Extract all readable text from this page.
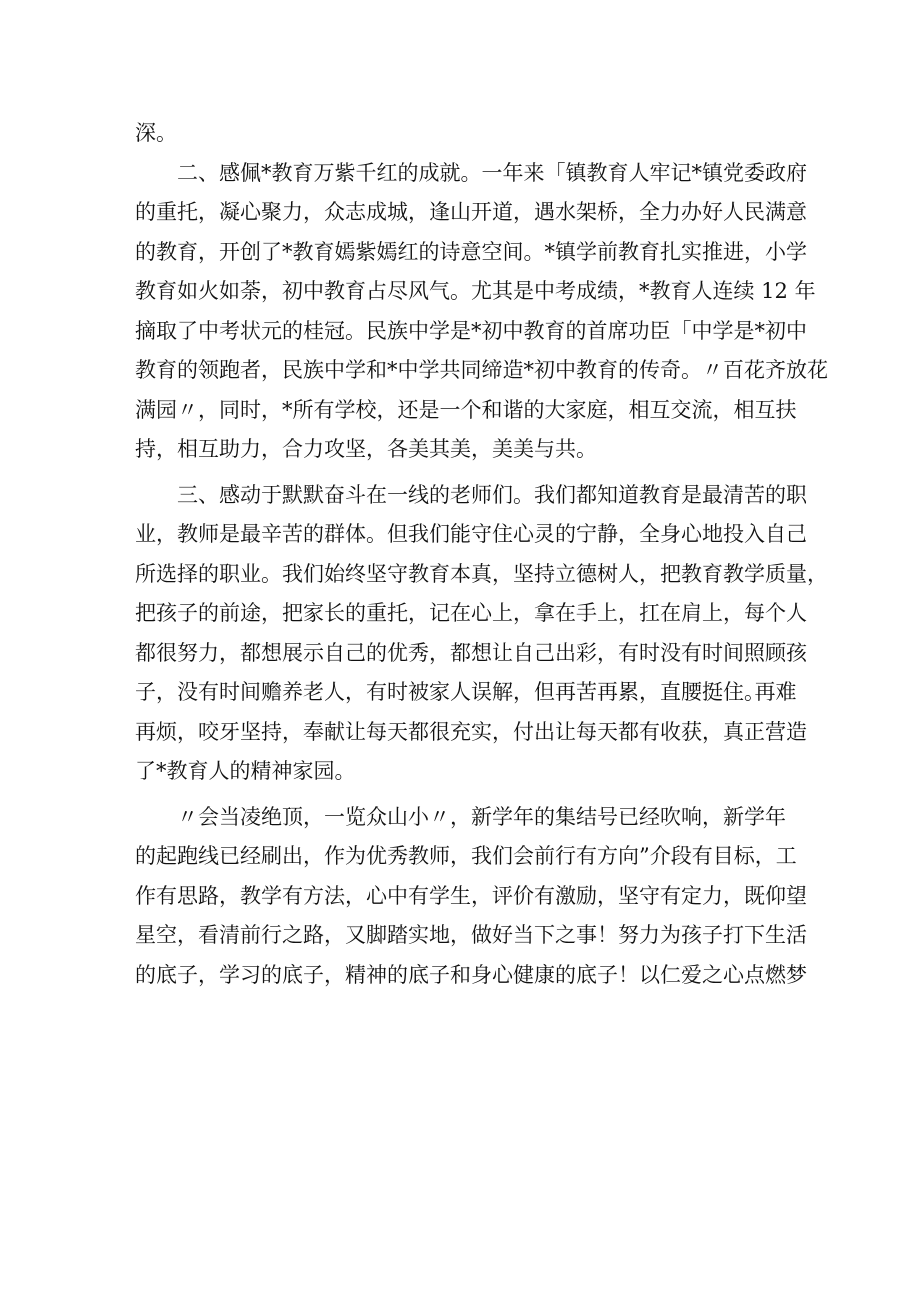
深。
二、感佩*教育万紫千红的成就。一年来「镇教育人牢记*镇党委政府
的重托，凝心聚力，众志成城，逢山开道，遇水架桥，全力办好人民满意
的教育，开创了*教育嫣紫嫣红的诗意空间。*镇学前教育扎实推进，小学
教育如火如荼，初中教育占尽风气。尤其是中考成绩，*教育人连续 12 年
摘取了中考状元的桂冠。民族中学是*初中教育的首席功臣「中学是*初中
教育的领跑者，民族中学和*中学共同缔造*初中教育的传奇。〃百花齐放花
满园〃，同时，*所有学校，还是一个和谐的大家庭，相互交流，相互扶
持，相互助力，合力攻坚，各美其美，美美与共。
三、感动于默默奋斗在一线的老师们。我们都知道教育是最清苦的职
业，教师是最辛苦的群体。但我们能守住心灵的宁静，全身心地投入自己
所选择的职业。我们始终坚守教育本真，坚持立德树人，把教育教学质量，
把孩子的前途，把家长的重托，记在心上，拿在手上，扛在肩上，每个人
都很努力，都想展示自己的优秀，都想让自己出彩，有时没有时间照顾孩
子，没有时间赡养老人，有时被家人误解，但再苦再累，直腰挺住｡再难
再烦，咬牙坚持，奉献让每天都很充实，付出让每天都有收获，真正营造
了*教育人的精神家园。
〃会当凌绝顶，一览众山小〃，新学年的集结号已经吹响，新学年
的起跑线已经刷出，作为优秀教师，我们会前行有方向”介段有目标，工
作有思路，教学有方法，心中有学生，评价有激励，坚守有定力，既仰望
星空，看清前行之路，又脚踏实地，做好当下之事！努力为孩子打下生活
的底子，学习的底子，精神的底子和身心健康的底子！以仁爱之心点燃梦
